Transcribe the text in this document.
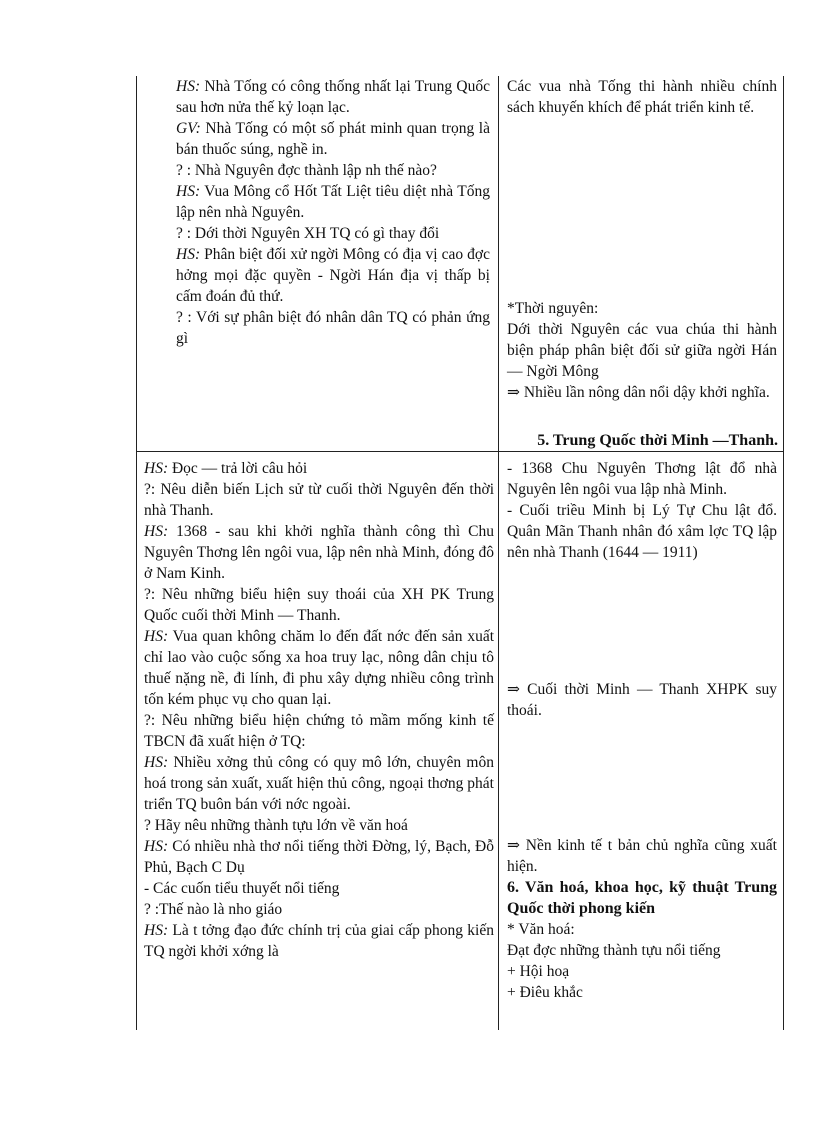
HS: Nhà Tống có công thống nhất lại Trung Quốc sau hơn nửa thế kỷ loạn lạc.

GV: Nhà Tống có một số phát minh quan trọng là bán thuốc súng, nghề in.

? : Nhà Nguyên đợc thành lập nh thế nào?

HS: Vua Mông cổ Hốt Tất Liệt tiêu diệt nhà Tống lập nên nhà Nguyên.

? : Dới thời Nguyên XH TQ có gì thay đổi

HS: Phân biệt đối xử ngời Mông có địa vị cao đợc hởng mọi đặc quyền - Ngời Hán địa vị thấp bị cấm đoán đủ thứ.

? : Với sự phân biệt đó nhân dân TQ có phản ứng gì

Các vua nhà Tống thi hành nhiều chính sách khuyến khích để phát triển kinh tế.

*Thời nguyên:

Dới thời Nguyên các vua chúa thi hành biện pháp phân biệt đối sử giữa ngời Hán — Ngời Mông

⇒ Nhiều lần nông dân nổi dậy khởi nghĩa.

5. Trung Quốc thời Minh —Thanh.

HS: Đọc — trả lời câu hỏi

?: Nêu diễn biến Lịch sử từ cuối thời Nguyên đến thời nhà Thanh.

HS: 1368 - sau khi khởi nghĩa thành công thì Chu Nguyên Thơng lên ngôi vua, lập nên nhà Minh, đóng đô ở Nam Kinh.

?: Nêu những biểu hiện suy thoái của XH PK Trung Quốc cuối thời Minh — Thanh.

HS: Vua quan không chăm lo đến đất nớc đến sản xuất chỉ lao vào cuộc sống xa hoa truy lạc, nông dân chịu tô thuế nặng nề, đi lính, đi phu xây dựng nhiều công trình tốn kém phục vụ cho quan lại.

?: Nêu những biểu hiện chứng tỏ mầm mống kinh tế TBCN đã xuất hiện ở TQ:

HS: Nhiều xởng thủ công có quy mô lớn, chuyên môn hoá trong sản xuất, xuất hiện thủ công, ngoại thơng phát triển TQ buôn bán với nớc ngoài.

? Hãy nêu những thành tựu lớn về văn hoá

HS: Có nhiều nhà thơ nổi tiếng thời Đờng, lý, Bạch, Đỗ Phủ, Bạch C Dụ

- Các cuốn tiểu thuyết nổi tiếng

? :Thế nào là nho giáo

HS: Là t tởng đạo đức chính trị của giai cấp phong kiến TQ ngời khởi xớng là

- 1368 Chu Nguyên Thơng lật đổ nhà Nguyên lên ngôi vua lập nhà Minh.

- Cuối triều Minh bị Lý Tự Chu lật đổ. Quân Mãn Thanh nhân đó xâm lợc TQ lập nên nhà Thanh (1644 — 1911)

⇒ Cuối thời Minh — Thanh XHPK suy thoái.

⇒ Nền kinh tế t bản chủ nghĩa cũng xuất hiện.

6. Văn hoá, khoa học, kỹ thuật Trung Quốc thời phong kiến

* Văn hoá:

Đạt đợc những thành tựu nổi tiếng

+ Hội hoạ

+ Điêu khắc
